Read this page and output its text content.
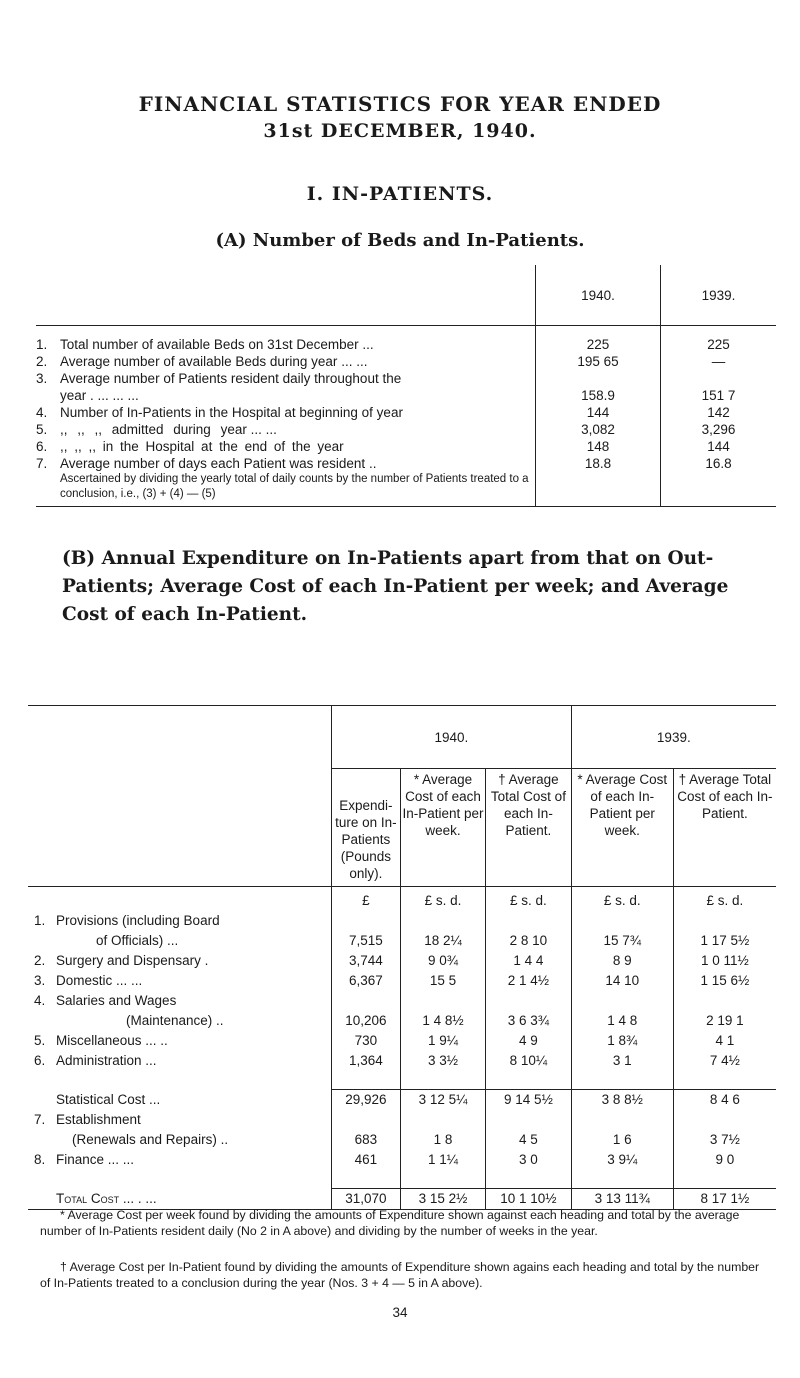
FINANCIAL STATISTICS FOR YEAR ENDED
31st DECEMBER, 1940.
I. IN-PATIENTS.
(A) Number of Beds and In-Patients.
	1940.	1939.
1. Total number of available Beds on 31st December ...	225	225
2. Average number of available Beds during year ... ...	195 65	—
3. Average number of Patients resident daily throughout the		
year . ... ... ...	158.9	151 7
4. Number of In-Patients in the Hospital at beginning of year	144	142
5. ,, ,, ,, admitted during year ... ...	3,082	3,296
6. ,, ,, ,, in the Hospital at the end of the year	148	144
7. Average number of days each Patient was resident ..	18.8	16.8
Ascertained by dividing the yearly total of daily counts by the number of Patients treated to a conclusion, i.e., (3) + (4) — (5)		
(B) Annual Expenditure on In-Patients apart from that on Out-Patients; Average Cost of each In-Patient per week; and Average Cost of each In-Patient.
	1940.			1939.	
	Expendi-ture on In-Patients (Pounds only).	* Average Cost of each In-Patient per week.	† Average Total Cost of each In-Patient.	* Average Cost of each In-Patient per week.	† Average Total Cost of each In-Patient.
	£	£ s. d.	£ s. d.	£ s. d.	£ s. d.
1. Provisions (including Board					
of Officials) ...	7,515	18 2¼	2 8 10	15 7¾	1 17 5½
2. Surgery and Dispensary .	3,744	9 0¾	1 4 4	8 9	1 0 11½
3. Domestic ... ...	6,367	15 5	2 1 4½	14 10	1 15 6½
4. Salaries and Wages					
(Maintenance) ..	10,206	1 4 8½	3 6 3¾	1 4 8	2 19 1
5. Miscellaneous ... ..	730	1 9¼	4 9	1 8¾	4 1
6. Administration ...	1,364	3 3½	8 10¼	3 1	7 4½

Statistical Cost ...	29,926	3 12 5¼	9 14 5½	3 8 8½	8 4 6
7. Establishment					
(Renewals and Repairs) ..	683	1 8	4 5	1 6	3 7½
8. Finance ... ...	461	1 1¼	3 0	3 9¼	9 0

Total Cost ... . ...	31,070	3 15 2½	10 1 10½	3 13 11¾	8 17 1½
* Average Cost per week found by dividing the amounts of Expenditure shown against each heading and total by the average number of In-Patients resident daily (No 2 in A above) and dividing by the number of weeks in the year.
† Average Cost per In-Patient found by dividing the amounts of Expenditure shown agains each heading and total by the number of In-Patients treated to a conclusion during the year (Nos. 3 + 4 — 5 in A above).
34
